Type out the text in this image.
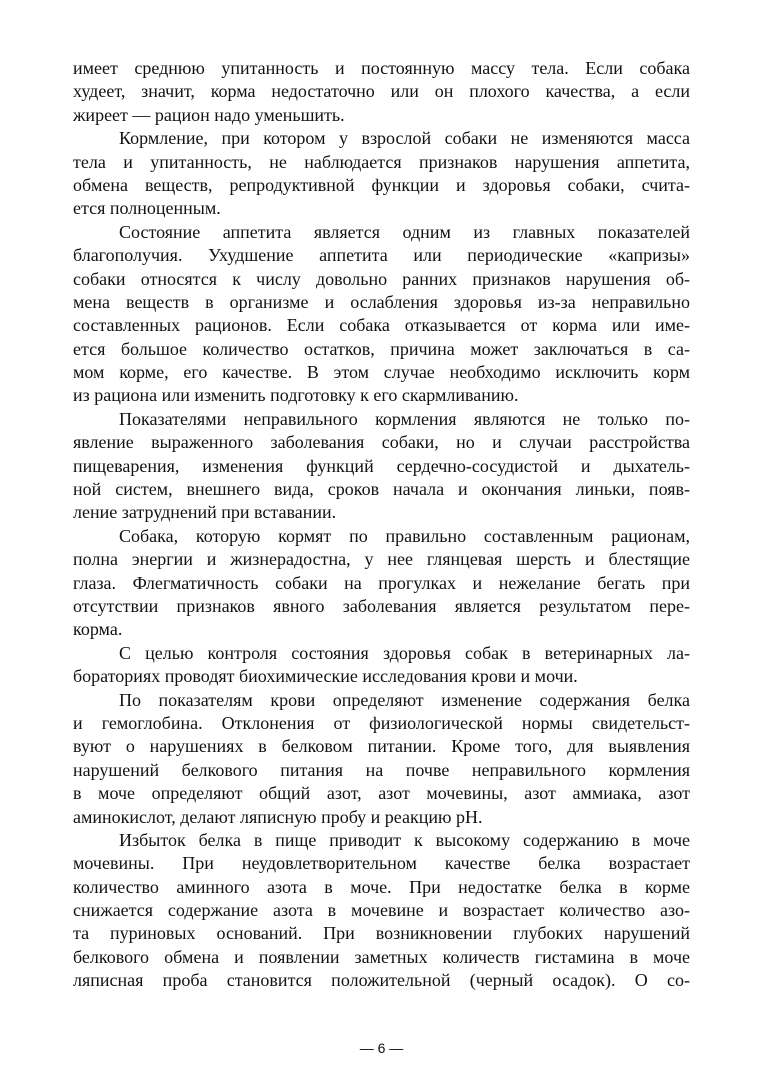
имеет среднюю упитанность и постоянную массу тела. Если собака
худеет, значит, корма недостаточно или он плохого качества, а если
жиреет — рацион надо уменьшить.
Кормление, при котором у взрослой собаки не изменяются масса
тела и упитанность, не наблюдается признаков нарушения аппетита,
обмена веществ, репродуктивной функции и здоровья собаки, счита-
ется полноценным.
Состояние аппетита является одним из главных показателей
благополучия. Ухудшение аппетита или периодические «капризы»
собаки относятся к числу довольно ранних признаков нарушения об-
мена веществ в организме и ослабления здоровья из-за неправильно
составленных рационов. Если собака отказывается от корма или име-
ется большое количество остатков, причина может заключаться в са-
мом корме, его качестве. В этом случае необходимо исключить корм
из рациона или изменить подготовку к его скармливанию.
Показателями неправильного кормления являются не только по-
явление выраженного заболевания собаки, но и случаи расстройства
пищеварения, изменения функций сердечно-сосудистой и дыхатель-
ной систем, внешнего вида, сроков начала и окончания линьки, появ-
ление затруднений при вставании.
Собака, которую кормят по правильно составленным рационам,
полна энергии и жизнерадостна, у нее глянцевая шерсть и блестящие
глаза. Флегматичность собаки на прогулках и нежелание бегать при
отсутствии признаков явного заболевания является результатом пере-
корма.
С целью контроля состояния здоровья собак в ветеринарных ла-
бораториях проводят биохимические исследования крови и мочи.
По показателям крови определяют изменение содержания белка
и гемоглобина. Отклонения от физиологической нормы свидетельст-
вуют о нарушениях в белковом питании. Кроме того, для выявления
нарушений белкового питания на почве неправильного кормления
в моче определяют общий азот, азот мочевины, азот аммиака, азот
аминокислот, делают ляписную пробу и реакцию pH.
Избыток белка в пище приводит к высокому содержанию в моче
мочевины. При неудовлетворительном качестве белка возрастает
количество аминного азота в моче. При недостатке белка в корме
снижается содержание азота в мочевине и возрастает количество азо-
та пуриновых оснований. При возникновении глубоких нарушений
белкового обмена и появлении заметных количеств гистамина в моче
ляписная проба становится положительной (черный осадок). О со-
— 6 —
